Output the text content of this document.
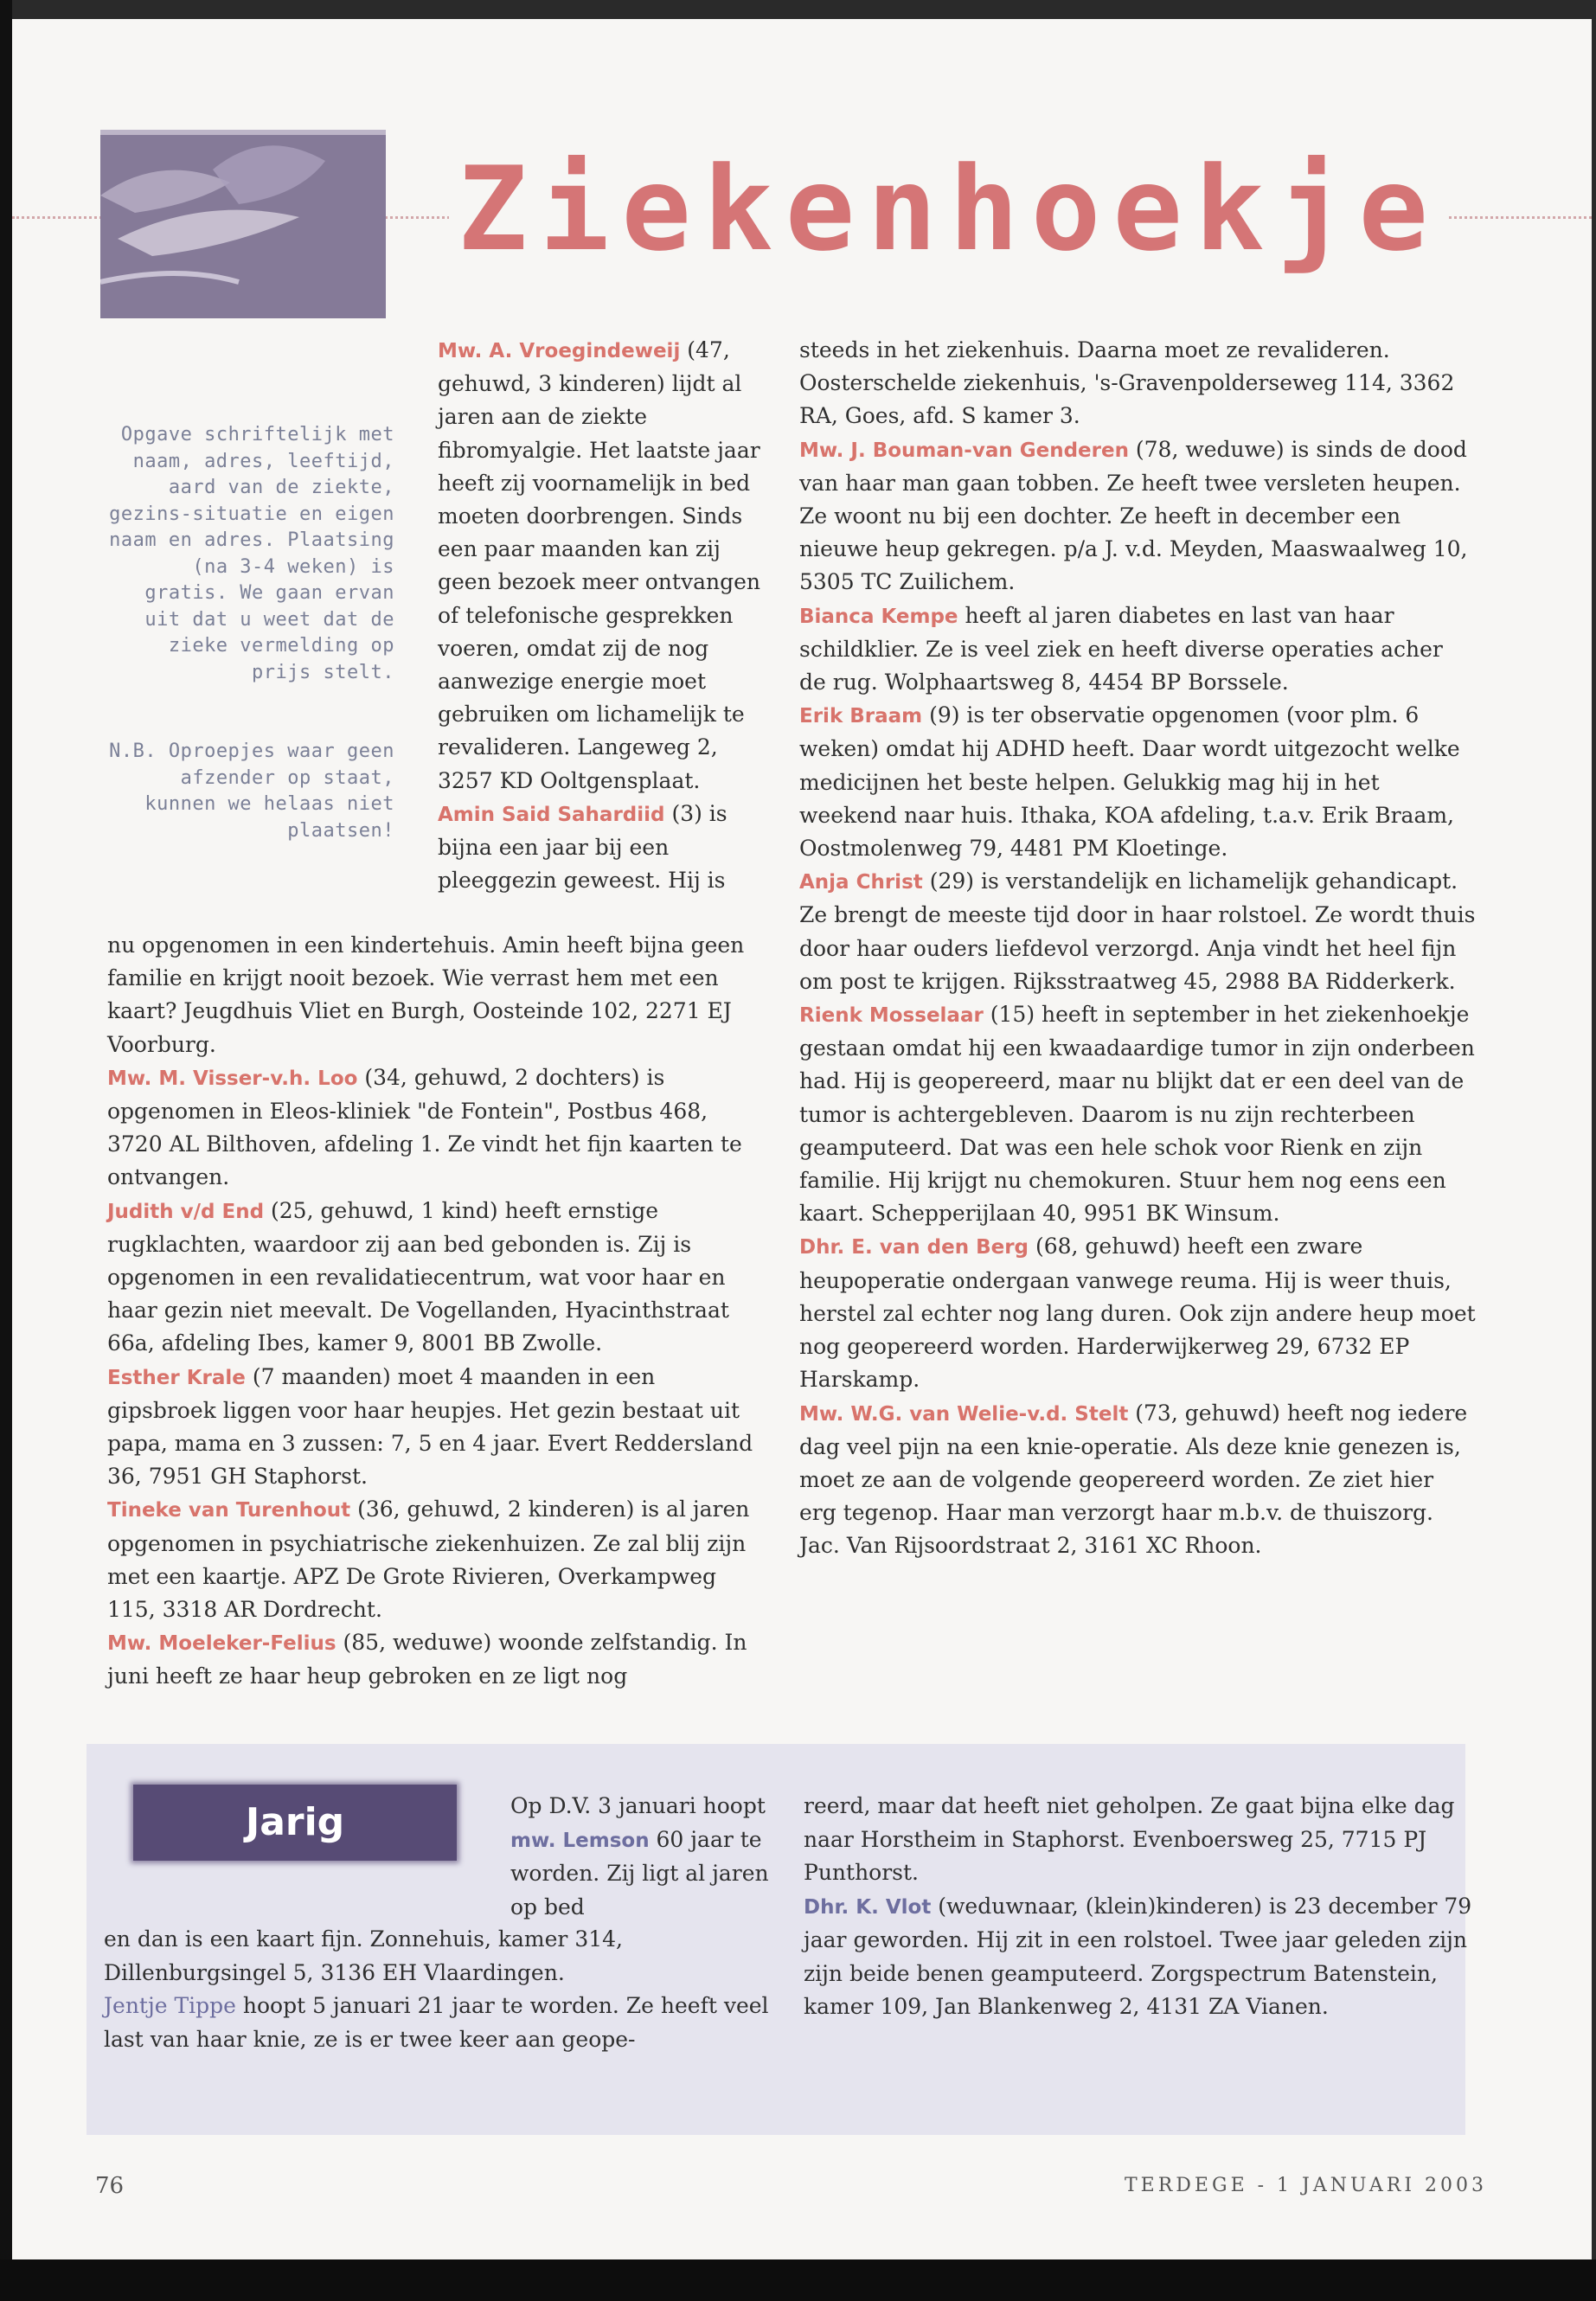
Ziekenhoekje

Opgave schriftelijk met naam, adres, leeftijd, aard van de ziekte, gezins-situatie en eigen naam en adres. Plaatsing (na 3-4 weken) is gratis. We gaan ervan uit dat u weet dat de zieke vermelding op prijs stelt.

N.B. Oproepjes waar geen afzender op staat, kunnen we helaas niet plaatsen!

Mw. A. Vroegindeweij (47, gehuwd, 3 kinderen) lijdt al jaren aan de ziekte fibromyalgie. Het laatste jaar heeft zij voornamelijk in bed moeten doorbrengen. Sinds een paar maanden kan zij geen bezoek meer ontvangen of telefonische gesprekken voeren, omdat zij de nog aanwezige energie moet gebruiken om lichamelijk te revalideren. Langeweg 2, 3257 KD Ooltgensplaat.

Amin Said Sahardiid (3) is bijna een jaar bij een pleeggezin geweest. Hij is

nu opgenomen in een kindertehuis. Amin heeft bijna geen familie en krijgt nooit bezoek. Wie verrast hem met een kaart? Jeugdhuis Vliet en Burgh, Oosteinde 102, 2271 EJ Voorburg.

Mw. M. Visser-v.h. Loo (34, gehuwd, 2 dochters) is opgenomen in Eleos-kliniek "de Fontein", Postbus 468, 3720 AL Bilthoven, afdeling 1. Ze vindt het fijn kaarten te ontvangen.

Judith v/d End (25, gehuwd, 1 kind) heeft ernstige rugklachten, waardoor zij aan bed gebonden is. Zij is opgenomen in een revalidatiecentrum, wat voor haar en haar gezin niet meevalt. De Vogellanden, Hyacinthstraat 66a, afdeling Ibes, kamer 9, 8001 BB Zwolle.

Esther Krale (7 maanden) moet 4 maanden in een gipsbroek liggen voor haar heupjes. Het gezin bestaat uit papa, mama en 3 zussen: 7, 5 en 4 jaar. Evert Reddersland 36, 7951 GH Staphorst.

Tineke van Turenhout (36, gehuwd, 2 kinderen) is al jaren opgenomen in psychiatrische ziekenhuizen. Ze zal blij zijn met een kaartje. APZ De Grote Rivieren, Overkampweg 115, 3318 AR Dordrecht.

Mw. Moeleker-Felius (85, weduwe) woonde zelfstandig. In juni heeft ze haar heup gebroken en ze ligt nog

steeds in het ziekenhuis. Daarna moet ze revalideren. Oosterschelde ziekenhuis, 's-Gravenpolderseweg 114, 3362 RA, Goes, afd. S kamer 3.

Mw. J. Bouman-van Genderen (78, weduwe) is sinds de dood van haar man gaan tobben. Ze heeft twee versleten heupen. Ze woont nu bij een dochter. Ze heeft in december een nieuwe heup gekregen. p/a J. v.d. Meyden, Maaswaalweg 10, 5305 TC Zuilichem.

Bianca Kempe heeft al jaren diabetes en last van haar schildklier. Ze is veel ziek en heeft diverse operaties acher de rug. Wolphaartsweg 8, 4454 BP Borssele.

Erik Braam (9) is ter observatie opgenomen (voor plm. 6 weken) omdat hij ADHD heeft. Daar wordt uitgezocht welke medicijnen het beste helpen. Gelukkig mag hij in het weekend naar huis. Ithaka, KOA afdeling, t.a.v. Erik Braam, Oostmolenweg 79, 4481 PM Kloetinge.

Anja Christ (29) is verstandelijk en lichamelijk gehandicapt. Ze brengt de meeste tijd door in haar rolstoel. Ze wordt thuis door haar ouders liefdevol verzorgd. Anja vindt het heel fijn om post te krijgen. Rijksstraatweg 45, 2988 BA Ridderkerk.

Rienk Mosselaar (15) heeft in september in het ziekenhoekje gestaan omdat hij een kwaadaardige tumor in zijn onderbeen had. Hij is geopereerd, maar nu blijkt dat er een deel van de tumor is achtergebleven. Daarom is nu zijn rechterbeen geamputeerd. Dat was een hele schok voor Rienk en zijn familie. Hij krijgt nu chemokuren. Stuur hem nog eens een kaart. Schepperijlaan 40, 9951 BK Winsum.

Dhr. E. van den Berg (68, gehuwd) heeft een zware heupoperatie ondergaan vanwege reuma. Hij is weer thuis, herstel zal echter nog lang duren. Ook zijn andere heup moet nog geopereerd worden. Harderwijkerweg 29, 6732 EP Harskamp.

Mw. W.G. van Welie-v.d. Stelt (73, gehuwd) heeft nog iedere dag veel pijn na een knie-operatie. Als deze knie genezen is, moet ze aan de volgende geopereerd worden. Ze ziet hier erg tegenop. Haar man verzorgt haar m.b.v. de thuiszorg. Jac. Van Rijsoordstraat 2, 3161 XC Rhoon.

Jarig	Op D.V. 3 januari hoopt mw. Lemson 60 jaar te worden. Zij ligt al jaren op bed

en dan is een kaart fijn. Zonnehuis, kamer 314, Dillenburgsingel 5, 3136 EH Vlaardingen.

Jentje Tippe hoopt 5 januari 21 jaar te worden. Ze heeft veel last van haar knie, ze is er twee keer aan geope-

reerd, maar dat heeft niet geholpen. Ze gaat bijna elke dag naar Horstheim in Staphorst. Evenboersweg 25, 7715 PJ Punthorst.

Dhr. K. Vlot (weduwnaar, (klein)kinderen) is 23 december 79 jaar geworden. Hij zit in een rolstoel. Twee jaar geleden zijn zijn beide benen geamputeerd. Zorgspectrum Batenstein, kamer 109, Jan Blankenweg 2, 4131 ZA Vianen.

76	TERDEGE - 1 JANUARI 2003
